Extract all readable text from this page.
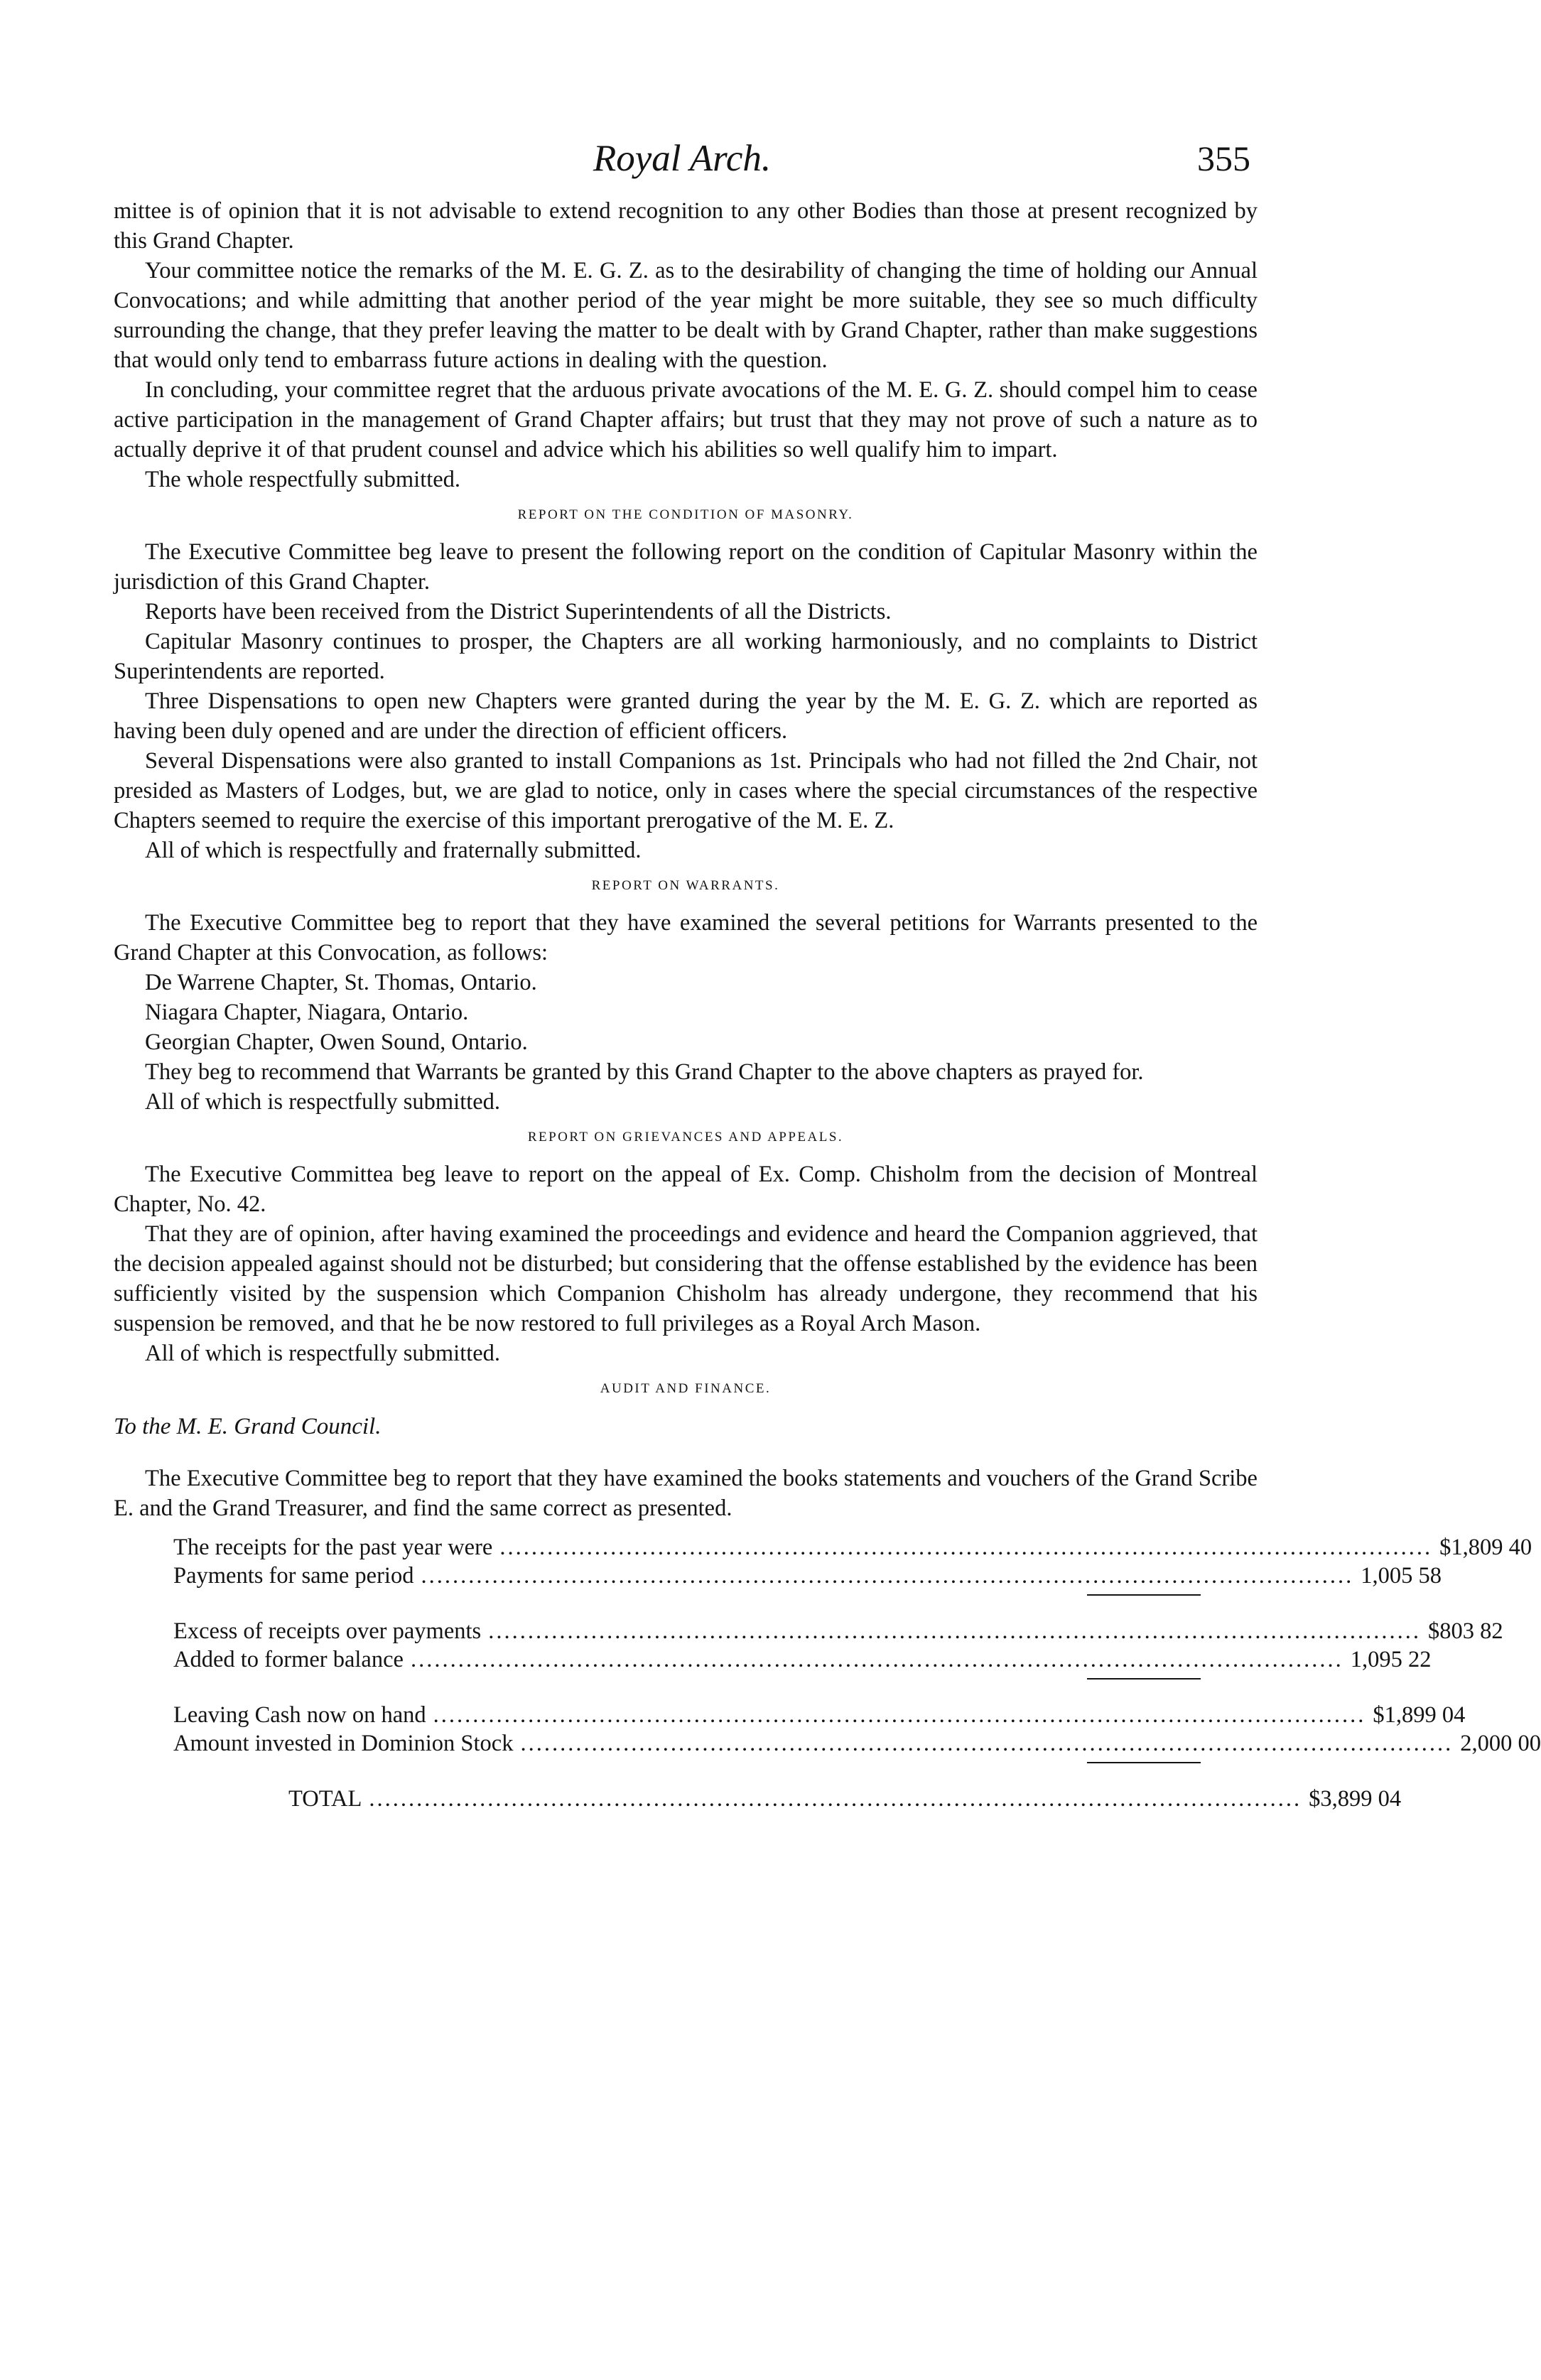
Royal Arch.	355

mittee is of opinion that it is not advisable to extend recognition to any other Bodies than those at present recognized by this Grand Chapter.

Your committee notice the remarks of the M. E. G. Z. as to the desirability of changing the time of holding our Annual Convocations; and while admitting that another period of the year might be more suitable, they see so much difficulty surrounding the change, that they prefer leaving the matter to be dealt with by Grand Chapter, rather than make suggestions that would only tend to embarrass future actions in dealing with the question.

In concluding, your committee regret that the arduous private avocations of the M. E. G. Z. should compel him to cease active participation in the management of Grand Chapter affairs; but trust that they may not prove of such a nature as to actually deprive it of that prudent counsel and advice which his abilities so well qualify him to impart.

The whole respectfully submitted.

REPORT ON THE CONDITION OF MASONRY.

The Executive Committee beg leave to present the following report on the condition of Capitular Masonry within the jurisdiction of this Grand Chapter.

Reports have been received from the District Superintendents of all the Districts.

Capitular Masonry continues to prosper, the Chapters are all working harmoniously, and no complaints to District Superintendents are reported.

Three Dispensations to open new Chapters were granted during the year by the M. E. G. Z. which are reported as having been duly opened and are under the direction of efficient officers.

Several Dispensations were also granted to install Companions as 1st. Principals who had not filled the 2nd Chair, not presided as Masters of Lodges, but, we are glad to notice, only in cases where the special circumstances of the respective Chapters seemed to require the exercise of this important prerogative of the M. E. Z.

All of which is respectfully and fraternally submitted.

REPORT ON WARRANTS.

The Executive Committee beg to report that they have examined the several petitions for Warrants presented to the Grand Chapter at this Convocation, as follows:

De Warrene Chapter, St. Thomas, Ontario.

Niagara Chapter, Niagara, Ontario.

Georgian Chapter, Owen Sound, Ontario.

They beg to recommend that Warrants be granted by this Grand Chapter to the above chapters as prayed for.

All of which is respectfully submitted.

REPORT ON GRIEVANCES AND APPEALS.

The Executive Committea beg leave to report on the appeal of Ex. Comp. Chisholm from the decision of Montreal Chapter, No. 42.

That they are of opinion, after having examined the proceedings and evidence and heard the Companion aggrieved, that the decision appealed against should not be disturbed; but considering that the offense established by the evidence has been sufficiently visited by the suspension which Companion Chisholm has already undergone, they recommend that his suspension be removed, and that he be now restored to full privileges as a Royal Arch Mason.

All of which is respectfully submitted.

AUDIT AND FINANCE.
To the M. E. Grand Council.

The Executive Committee beg to report that they have examined the books statements and vouchers of the Grand Scribe E. and the Grand Treasurer, and find the same correct as presented.

The receipts for the past year were ...................................................................................................................... $1,809 40
Payments for same period ...................................................................................................................... 1,005 58
Excess of receipts over payments ...................................................................................................................... $803 82
Added to former balance ...................................................................................................................... 1,095 22
Leaving Cash now on hand ...................................................................................................................... $1,899 04
Amount invested in Dominion Stock ...................................................................................................................... 2,000 00
TOTAL ...................................................................................................................... $3,899 04
